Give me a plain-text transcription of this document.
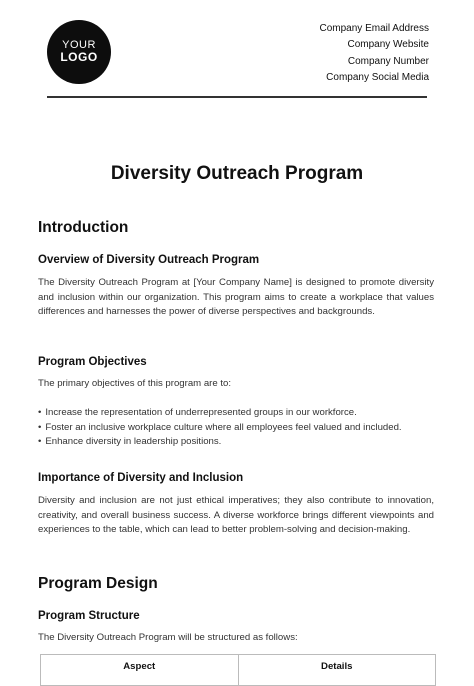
YOUR
LOGO
Company Email Address
Company Website
Company Number
Company Social Media
Diversity Outreach Program
Introduction
Overview of Diversity Outreach Program

The Diversity Outreach Program at [Your Company Name] is designed to promote diversity and inclusion within our organization. This program aims to create a workplace that values differences and harnesses the power of diverse perspectives and backgrounds.

Program Objectives

The primary objectives of this program are to:

• Increase the representation of underrepresented groups in our workforce.
• Foster an inclusive workplace culture where all employees feel valued and included.
• Enhance diversity in leadership positions.
Importance of Diversity and Inclusion

Diversity and inclusion are not just ethical imperatives; they also contribute to innovation, creativity, and overall business success. A diverse workforce brings different viewpoints and experiences to the table, which can lead to better problem-solving and decision-making.

Program Design
Program Structure

The Diversity Outreach Program will be structured as follows:

Aspect	Details
